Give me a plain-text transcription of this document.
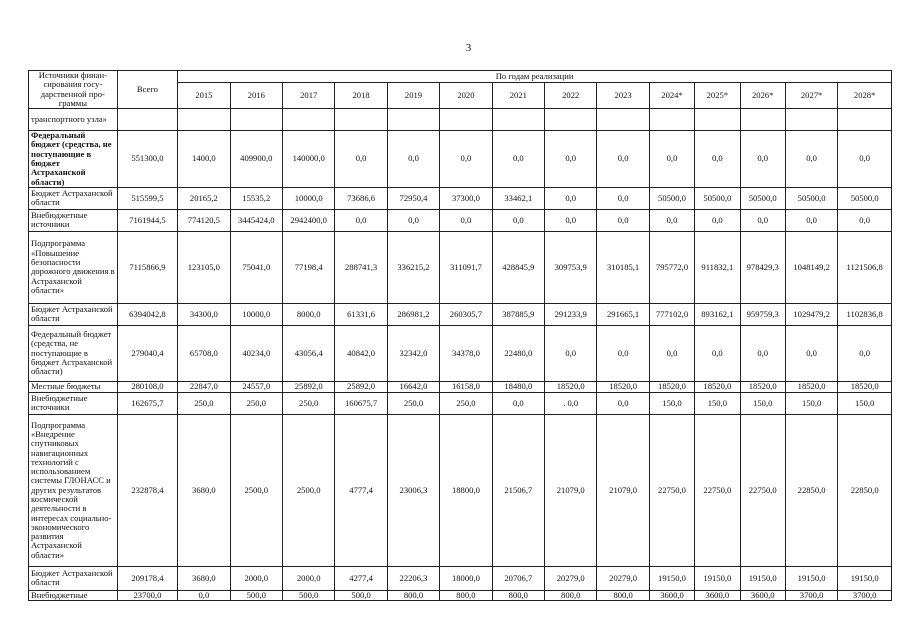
3
Источники финан-сирования госу-дарственной про-граммы	Всего	По годам реализации													
		2015	2016	2017	2018	2019	2020	2021	2022	2023	2024*	2025*	2026*	2027*	2028*
транспортного узла»															
Федеральный бюджет (средства, не поступающие в бюджет Астраханской области)	551300,0	1400,0	409900,0	140000,0	0,0	0,0	0,0	0,0	0,0	0,0	0,0	0,0	0,0	0,0	0,0
Бюджет Астраханской области	515599,5	20165,2	15535,2	10000,0	73686,6	72950,4	37300,0	33462,1	0,0	0,0	50500,0	50500,0	50500,0	50500,0	50500,0
Внебюджетные источники	7161944,5	774120,5	3445424,0	2942400,0	0,0	0,0	0,0	0,0	0,0	0,0	0,0	0,0	0,0	0,0	0,0
Подпрограмма «Повышение безопасности дорожного движения в Астраханской области»	7115866,9	123105,0	75041,0	77198,4	288741,3	336215,2	311091,7	428845,9	309753,9	310185,1	795772,0	911832,1	978429,3	1048149,2	1121506,8
Бюджет Астраханской области	6394042,8	34300,0	10000,0	8000,0	61331,6	286981,2	260305,7	387885,9	291233,9	291665,1	777102,0	893162,1	959759,3	1029479,2	1102836,8
Федеральный бюджет (средства, не поступающие в бюджет Астраханской области)	279040,4	65708,0	40234,0	43056,4	40842,0	32342,0	34378,0	22480,0	0,0	0,0	0,0	0,0	0,0	0,0	0,0
Местные бюджеты	280108,0	22847,0	24557,0	25892,0	25892,0	16642,0	16158,0	18480,0	18520,0	18520,0	18520,0	18520,0	18520,0	18520,0	18520,0
Внебюджетные источники	162675,7	250,0	250,0	250,0	160675,7	250,0	250,0	0,0	. 0,0	0,0	150,0	150,0	150,0	150,0	150,0
Подпрограмма «Внедрение спутниковых навигационных технологий с использованием системы ГЛОНАСС и других результатов космической деятельности в интересах социально-экономического развития Астраханской области»	232878,4	3680,0	2500,0	2500,0	4777,4	23006,3	18800,0	21506,7	21079,0	21079,0	22750,0	22750,0	22750,0	22850,0	22850,0
Бюджет Астраханской области	209178,4	3680,0	2000,0	2000,0	4277,4	22206,3	18000,0	20706,7	20279,0	20279,0	19150,0	19150,0	19150,0	19150,0	19150,0
Внебюджетные	23700,0	0,0	500,0	500,0	500,0	800,0	800,0	800,0	800,0	800,0	3600,0	3600,0	3600,0	3700,0	3700,0
